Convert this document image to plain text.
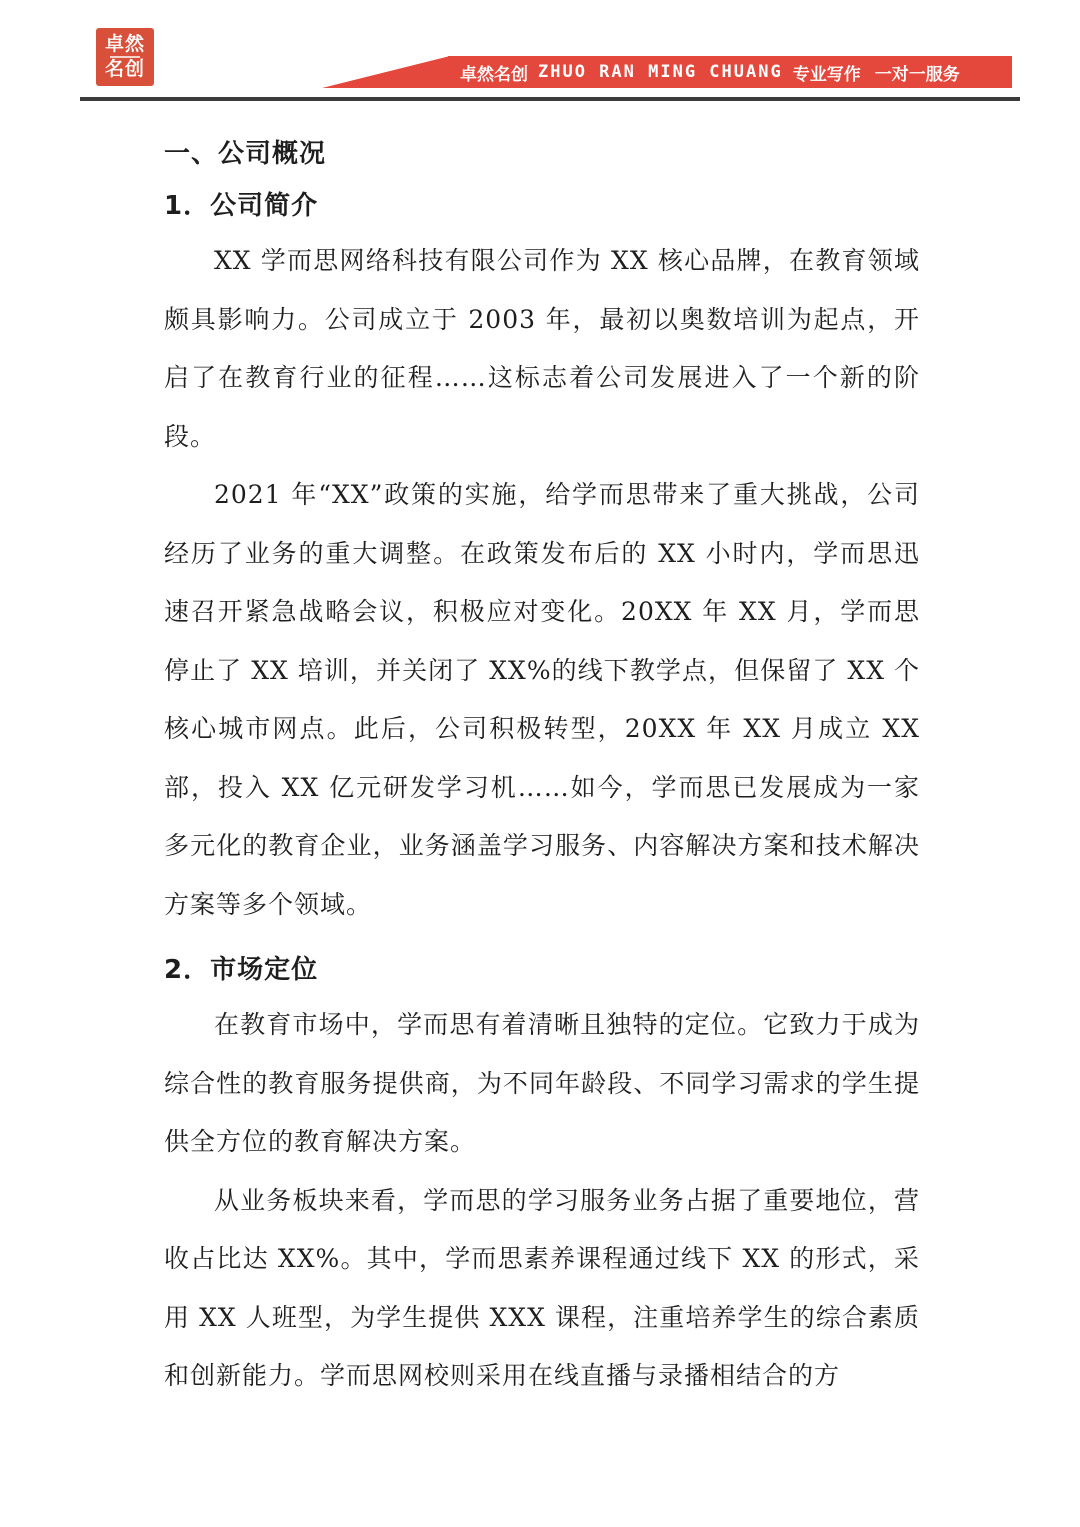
卓然
名创	卓然名创 ZHUO RAN MING CHUANG 专业写作 一对一服务
一、公司概况
1．公司简介

XX 学而思网络科技有限公司作为 XX 核心品牌，在教育领域颇具影响力。公司成立于 2003 年，最初以奥数培训为起点，开启了在教育行业的征程……这标志着公司发展进入了一个新的阶段。

2021 年“XX”政策的实施，给学而思带来了重大挑战，公司经历了业务的重大调整。在政策发布后的 XX 小时内，学而思迅速召开紧急战略会议，积极应对变化。20XX 年 XX 月，学而思停止了 XX 培训，并关闭了 XX%的线下教学点，但保留了 XX 个核心城市网点。此后，公司积极转型，20XX 年 XX 月成立 XX 部，投入 XX 亿元研发学习机……如今，学而思已发展成为一家多元化的教育企业，业务涵盖学习服务、内容解决方案和技术解决方案等多个领域。

2．市场定位

在教育市场中，学而思有着清晰且独特的定位。它致力于成为综合性的教育服务提供商，为不同年龄段、不同学习需求的学生提供全方位的教育解决方案。

从业务板块来看，学而思的学习服务业务占据了重要地位，营收占比达 XX%。其中，学而思素养课程通过线下 XX 的形式，采用 XX 人班型，为学生提供 XXX 课程，注重培养学生的综合素质和创新能力。学而思网校则采用在线直播与录播相结合的方
